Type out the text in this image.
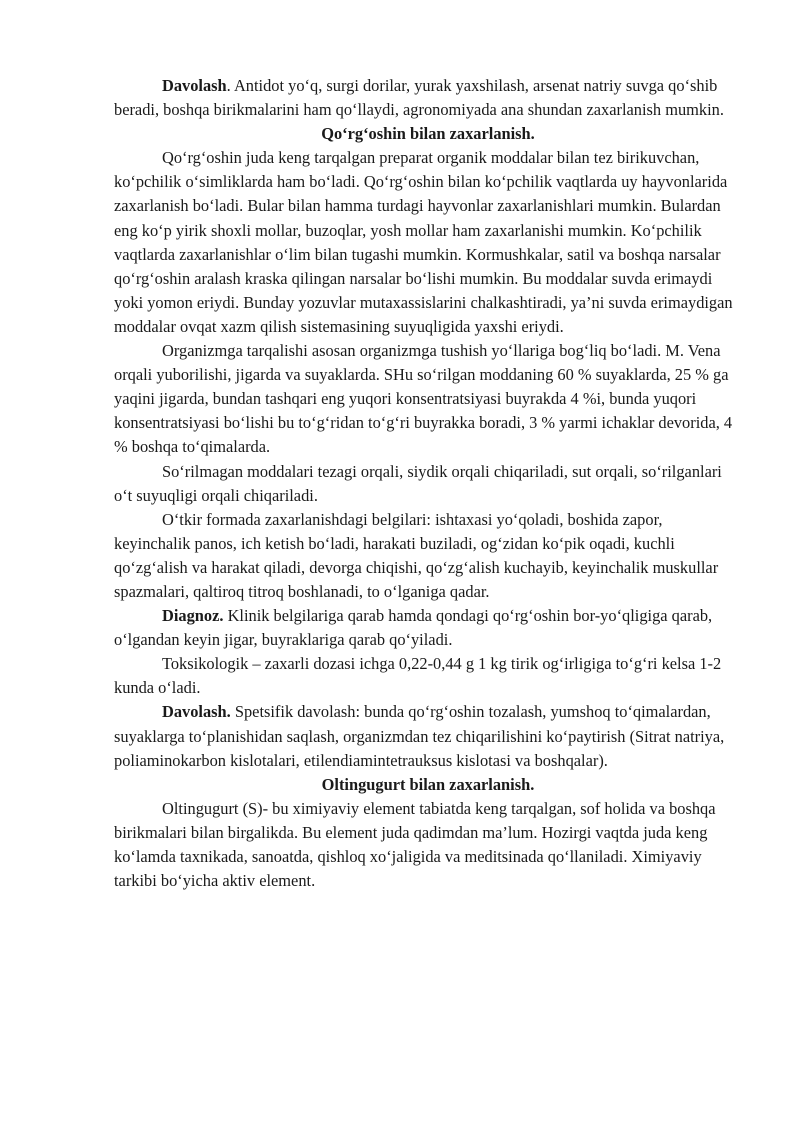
Davolash. Antidot yo‘q, surgi dorilar, yurak yaxshilash, arsenat natriy suvga qo‘shib beradi, boshqa birikmalarini ham qo‘llaydi, agronomiyada ana shundan zaxarlanish mumkin.

Qo‘rg‘oshin bilan zaxarlanish.

Qo‘rg‘oshin juda keng tarqalgan preparat organik moddalar bilan tez birikuvchan, ko‘pchilik o‘simliklarda ham bo‘ladi. Qo‘rg‘oshin bilan ko‘pchilik vaqtlarda uy hayvonlarida zaxarlanish bo‘ladi. Bular bilan hamma turdagi hayvonlar zaxarlanishlari mumkin. Bulardan eng ko‘p yirik shoxli mollar, buzoqlar, yosh mollar ham zaxarlanishi mumkin. Ko‘pchilik vaqtlarda zaxarlanishlar o‘lim bilan tugashi mumkin. Kormushkalar, satil va boshqa narsalar qo‘rg‘oshin aralash kraska qilingan narsalar bo‘lishi mumkin. Bu moddalar suvda erimaydi yoki yomon eriydi. Bunday yozuvlar mutaxassislarini chalkashtiradi, ya’ni suvda erimaydigan moddalar ovqat xazm qilish sistemasining suyuqligida yaxshi eriydi.

Organizmga tarqalishi asosan organizmga tushish yo‘llariga bog‘liq bo‘ladi. M. Vena orqali yuborilishi, jigarda va suyaklarda. SHu so‘rilgan moddaning 60 % suyaklarda, 25 % ga yaqini jigarda, bundan tashqari eng yuqori konsentratsiyasi buyrakda 4 %i, bunda yuqori konsentratsiyasi bo‘lishi bu to‘g‘ridan to‘g‘ri buyrakka boradi, 3 % yarmi ichaklar devorida, 4 % boshqa to‘qimalarda.

So‘rilmagan moddalari tezagi orqali, siydik orqali chiqariladi, sut orqali, so‘rilganlari o‘t suyuqligi orqali chiqariladi.

O‘tkir formada zaxarlanishdagi belgilari: ishtaxasi yo‘qoladi, boshida zapor, keyinchalik panos, ich ketish bo‘ladi, harakati buziladi, og‘zidan ko‘pik oqadi, kuchli qo‘zg‘alish va harakat qiladi, devorga chiqishi, qo‘zg‘alish kuchayib, keyinchalik muskullar spazmalari, qaltiroq titroq boshlanadi, to o‘lganiga qadar.

Diagnoz. Klinik belgilariga qarab hamda qondagi qo‘rg‘oshin bor-yo‘qligiga qarab, o‘lgandan keyin jigar, buyraklariga qarab qo‘yiladi.

Toksikologik – zaxarli dozasi ichga 0,22-0,44 g 1 kg tirik og‘irligiga to‘g‘ri kelsa 1-2 kunda o‘ladi.

Davolash. Spetsifik davolash: bunda qo‘rg‘oshin tozalash, yumshoq to‘qimalardan, suyaklarga to‘planishidan saqlash, organizmdan tez chiqarilishini ko‘paytirish (Sitrat natriya, poliaminokarbon kislotalari, etilendiamintetrauksus kislotasi va boshqalar).

Oltingugurt bilan zaxarlanish.

Oltingugurt (S)- bu ximiyaviy element tabiatda keng tarqalgan, sof holida va boshqa birikmalari bilan birgalikda. Bu element juda qadimdan ma’lum. Hozirgi vaqtda juda keng ko‘lamda taxnikada, sanoatda, qishloq xo‘jaligida va meditsinada qo‘llaniladi. Ximiyaviy tarkibi bo‘yicha aktiv element.
